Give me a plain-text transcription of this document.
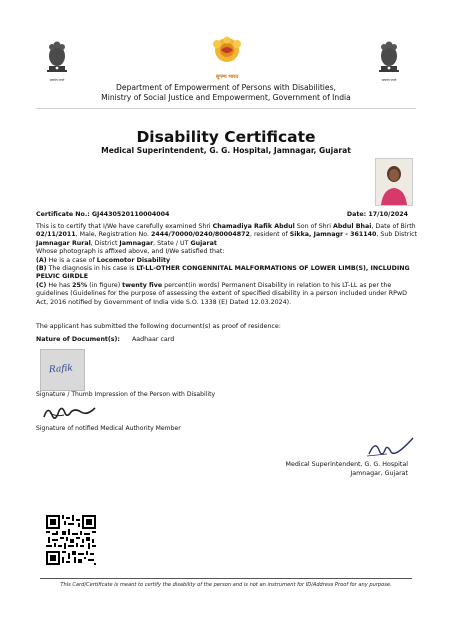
सत्यमेव जयते	सुगम्य भारत	सत्यमेव जयते
Department of Empowerment of Persons with Disabilities,
Ministry of Social Justice and Empowerment, Government of India
Disability Certificate
Medical Superintendent, G. G. Hospital, Jamnagar, Gujarat
Certificate No.: GJ4430520110004004	Date: 17/10/2024
This is to certify that I/We have carefully examined Shri Chamadiya Rafik Abdul Son of Shri Abdul Bhai, Date of Birth 02/11/2011, Male, Registration No. 2444/70000/0240/80004872, resident of Sikka, Jamnagr - 361140, Sub District Jamnagar Rural, District Jamnagar, State / UT Gujarat
Whose photograph is affixed above, and I/We satisfied that:
(A) He is a case of Locomotor Disability
(B) The diagnosis in his case is LT-LL-OTHER CONGENNITAL MALFORMATIONS OF LOWER LIMB(S), INCLUDING PELVIC GIRDLE
(C) He has 25% (in figure) twenty five percent(in words) Permanent Disability in relation to his LT-LL as per the guidelines (Guidelines for the purpose of assessing the extent of specified disability in a person included under RPwD Act, 2016 notified by Government of India vide S.O. 1338 (E) Dated 12.03.2024).
The applicant has submitted the following document(s) as proof of residence:
Nature of Document(s): Aadhaar card
Rafik
Signature / Thumb Impression of the Person with Disability
Signature of notified Medical Authority Member
Medical Superintendent, G. G. Hospital
Jamnagar, Gujarat
This Card/Certificate is meant to certify the disability of the person and is not an instrument for ID/Address Proof for any purpose.
